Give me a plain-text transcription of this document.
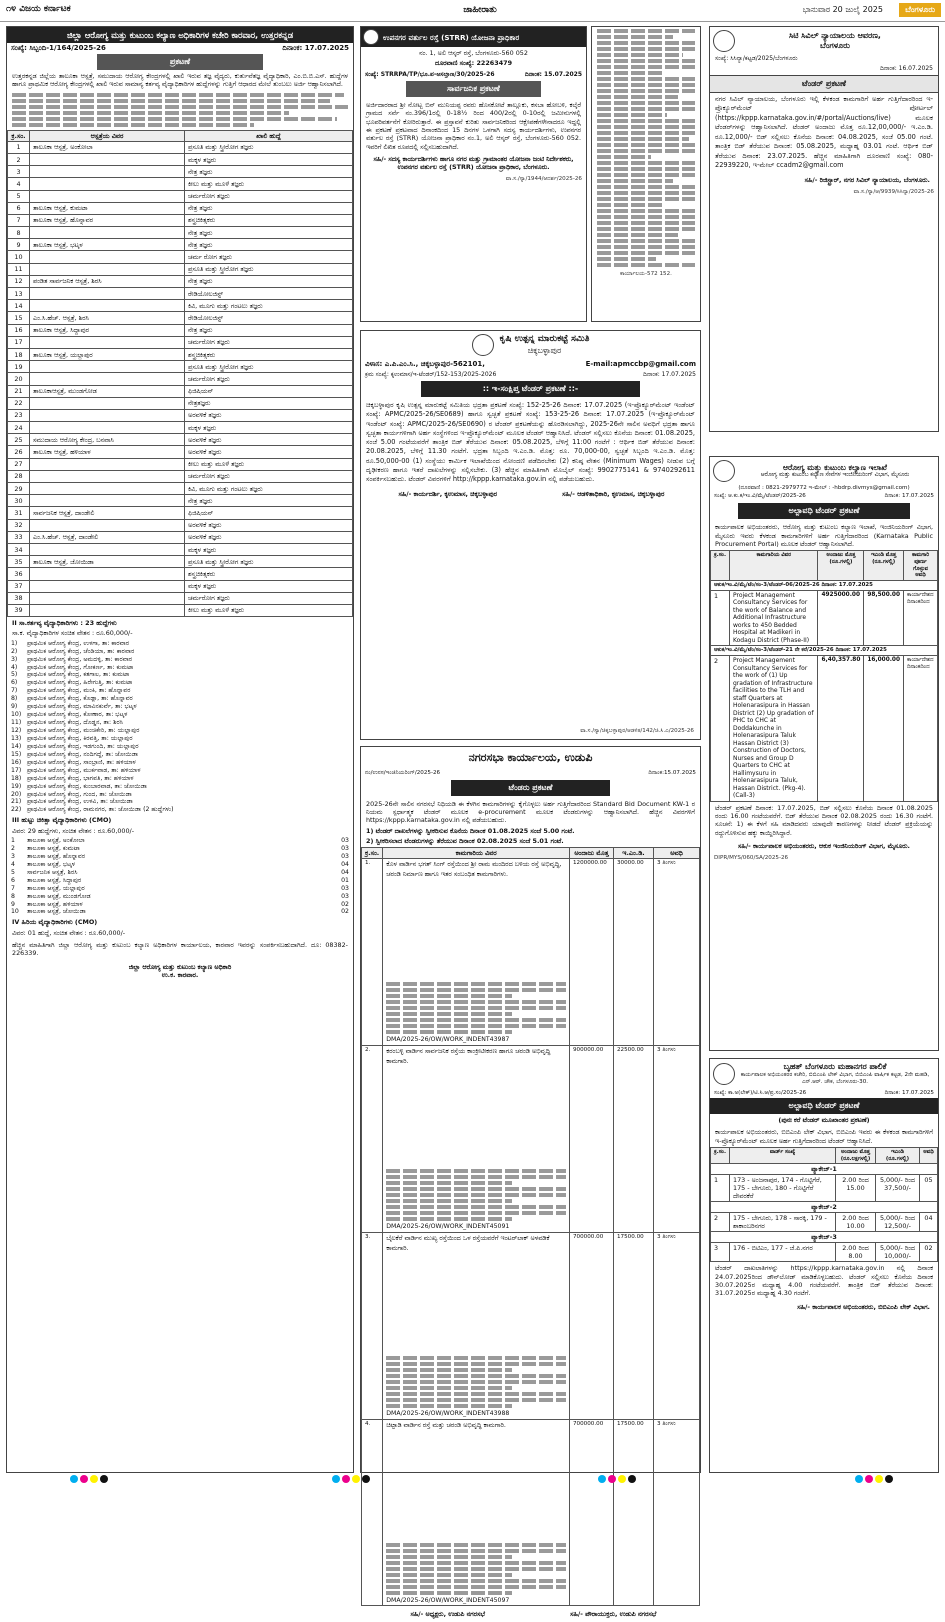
೧೪ ವಿಜಯ ಕರ್ನಾಟಕ	ಜಾಹೀರಾತು	ಭಾನುವಾರ 20 ಜುಲೈ 2025	ಬೆಂಗಳೂರು
ಜಿಲ್ಲಾ ಆರೋಗ್ಯ ಮತ್ತು ಕುಟುಂಬ ಕಲ್ಯಾಣ ಅಧಿಕಾರಿಗಳ ಕಚೇರಿ ಕಾರವಾರ, ಉತ್ತರಕನ್ನಡ
ಸಂಖ್ಯೆ: ಸಿಬ್ಬಂದಿ-1/164/2025-26	ದಿನಾಂಕ: 17.07.2025
ಪ್ರಕಟಣೆ
ಉತ್ತರಕನ್ನಡ ಜಿಲ್ಲೆಯ ತಾಲೂಕಾ ಆಸ್ಪತ್ರೆ, ಸಮುದಾಯ ಆರೋಗ್ಯ ಕೇಂದ್ರಗಳಲ್ಲಿ ಖಾಲಿ ಇರುವ ತಜ್ಞ ವೈದ್ಯರು, ಕುರ್ತುವೆತಜ್ಞ ವೈದ್ಯಾಧಿಕಾರಿ, ಎಂ.ಬಿ.ಬಿ.ಎಸ್. ಹುದ್ದೆಗಳ ಹಾಗೂ ಪ್ರಾಥಮಿಕ ಆರೋಗ್ಯ ಕೇಂದ್ರಗಳಲ್ಲಿ ಖಾಲಿ ಇರುವ ಸಾಮಾನ್ಯ ಕರ್ತವ್ಯ ವೈದ್ಯಾಧಿಕಾರಿಗಳ ಹುದ್ದೆಗಳನ್ನು ಗುತ್ತಿಗೆ ಆಧಾರದ ಮೇಲೆ ತುಂಬಲು ಅರ್ಜಿ ಆಹ್ವಾನಿಸಲಾಗಿದೆ.
ಕ್ರ.ಸಂ.	ಆಸ್ಪತ್ರೆಯ ವಿವರ	ಖಾಲಿ ಹುದ್ದೆ
1	ತಾಲೂಕಾ ಆಸ್ಪತ್ರೆ, ಅಂಕೋಲಾ	ಪ್ರಸೂತಿ ಮತ್ತು ಸ್ತ್ರೀರೋಗ ತಜ್ಞರು
2		ಮಕ್ಕಳ ತಜ್ಞರು
3		ನೇತ್ರ ತಜ್ಞರು
4		ಕೀಲು ಮತ್ತು ಮೂಳೆ ತಜ್ಞರು
5		ಚರ್ಮರೋಗ ತಜ್ಞರು
6	ತಾಲೂಕಾ ಆಸ್ಪತ್ರೆ, ಕುಮಟಾ	ನೇತ್ರ ತಜ್ಞರು
7	ತಾಲೂಕಾ ಆಸ್ಪತ್ರೆ, ಹೊನ್ನಾವರ	ಶಸ್ತ್ರಚಿಕಿತ್ಸಕರು
8		ನೇತ್ರ ತಜ್ಞರು
9	ತಾಲೂಕಾ ಆಸ್ಪತ್ರೆ, ಭಟ್ಕಳ	ನೇತ್ರ ತಜ್ಞರು
10		ಚರ್ಮ ರೋಗ ತಜ್ಞರು
11		ಪ್ರಸೂತಿ ಮತ್ತು ಸ್ತ್ರೀರೋಗ ತಜ್ಞರು
12	ಪಂಡಿತ ಸಾರ್ವಜನಿಕ ಆಸ್ಪತ್ರೆ, ಶಿರಸಿ	ನೇತ್ರ ತಜ್ಞರು
13		ರೇಡಿಯೋಲಜಿಸ್ಟ್
14		ಕಿವಿ, ಮೂಗು ಮತ್ತು ಗಂಟಲು ತಜ್ಞರು
15	ಎಂ.ಸಿ.ಹೆಚ್. ಆಸ್ಪತ್ರೆ, ಶಿರಸಿ	ರೇಡಿಯೋಲಜಿಸ್ಟ್
16	ತಾಲೂಕಾ ಆಸ್ಪತ್ರೆ, ಸಿದ್ದಾಪುರ	ನೇತ್ರ ತಜ್ಞರು
17		ಚರ್ಮರೋಗ ತಜ್ಞರು
18	ತಾಲೂಕಾ ಆಸ್ಪತ್ರೆ, ಯಲ್ಲಾಪುರ	ಶಸ್ತ್ರಚಿಕಿತ್ಸಕರು
19		ಪ್ರಸೂತಿ ಮತ್ತು ಸ್ತ್ರೀರೋಗ ತಜ್ಞರು
20		ಚರ್ಮರೋಗ ತಜ್ಞರು
21	ತಾಲೂಕಾಆಸ್ಪತ್ರೆ, ಮುಂಡಗೋಡ	ಫಿಜಿಷಿಯನ್
22		ನೇತ್ರತಜ್ಞರು
23		ಅರವಳಿಕೆ ತಜ್ಞರು
24		ಮಕ್ಕಳ ತಜ್ಞರು
25	ಸಮುದಾಯ ಆರೋಗ್ಯ ಕೇಂದ್ರ, ಬನವಾಸಿ	ಅರವಳಿಕೆ ತಜ್ಞರು
26	ತಾಲೂಕಾ ಆಸ್ಪತ್ರೆ, ಹಳಿಯಾಳ	ಅರವಳಿಕೆ ತಜ್ಞರು
27		ಕೀಲು ಮತ್ತು ಮೂಳೆ ತಜ್ಞರು
28		ಚರ್ಮರೋಗ ತಜ್ಞರು
29		ಕಿವಿ, ಮೂಗು ಮತ್ತು ಗಂಟಲು ತಜ್ಞರು
30		ನೇತ್ರ ತಜ್ಞರು
31	ಸಾರ್ವಜನಿಕ ಆಸ್ಪತ್ರೆ, ದಾಂಡೇಲಿ	ಫಿಜಿಷಿಯನ್
32		ಅರವಳಿಕೆ ತಜ್ಞರು
33	ಎಂ.ಸಿ.ಹೆಚ್. ಆಸ್ಪತ್ರೆ, ದಾಂಡೇಲಿ	ಅರವಳಿಕೆ ತಜ್ಞರು
34		ಮಕ್ಕಳ ತಜ್ಞರು
35	ತಾಲೂಕಾ ಆಸ್ಪತ್ರೆ, ಜೋಯಿಡಾ	ಪ್ರಸೂತಿ ಮತ್ತು ಸ್ತ್ರೀರೋಗ ತಜ್ಞರು
36		ಶಸ್ತ್ರಚಿಕಿತ್ಸಕರು
37		ಮಕ್ಕಳ ತಜ್ಞರು
38		ಚರ್ಮರೋಗ ತಜ್ಞರು
39		ಕೀಲು ಮತ್ತು ಮೂಳೆ ತಜ್ಞರು
II ಸಾ.ಕರ್ತವ್ಯ ವೈದ್ಯಾಧಿಕಾರಿಗಳು : 23 ಹುದ್ದೆಗಳು
ಸಾ.ಕ. ವೈದ್ಯಾಧಿಕಾರಿಗಳ ಸಂಚಿತ ವೇತನ : ರೂ.60,000/-
1)	ಪ್ರಾಥಮಿಕ ಆರೋಗ್ಯ ಕೇಂದ್ರ, ಉಳಗಾ, ತಾ: ಕಾರವಾರ
2)	ಪ್ರಾಥಮಿಕ ಆರೋಗ್ಯ ಕೇಂದ್ರ, ಚೆಂಡಿಯಾ, ತಾ: ಕಾರವಾರ
3)	ಪ್ರಾಥಮಿಕ ಆರೋಗ್ಯ ಕೇಂದ್ರ, ಅಮದಳ್ಳಿ, ತಾ: ಕಾರವಾರ
4)	ಪ್ರಾಥಮಿಕ ಆರೋಗ್ಯ ಕೇಂದ್ರ, ಗೋಕರ್ಣ, ತಾ: ಕುಮಟಾ
5)	ಪ್ರಾಥಮಿಕ ಆರೋಗ್ಯ ಕೇಂದ್ರ, ಕತಗಾಲ, ತಾ: ಕುಮಟಾ
6)	ಪ್ರಾಥಮಿಕ ಆರೋಗ್ಯ ಕೇಂದ್ರ, ಹಿರೇಗುತ್ತಿ, ತಾ: ಕುಮಟಾ
7)	ಪ್ರಾಥಮಿಕ ಆರೋಗ್ಯ ಕೇಂದ್ರ, ಮಂಕಿ, ತಾ: ಹೊನ್ನಾವರ
8)	ಪ್ರಾಥಮಿಕ ಆರೋಗ್ಯ ಕೇಂದ್ರ, ಕೊಡ್ಲಾ, ತಾ: ಹೊನ್ನಾವರ
9)	ಪ್ರಾಥಮಿಕ ಆರೋಗ್ಯ ಕೇಂದ್ರ, ಮಾವಿನಕುರ್ವೆ, ತಾ: ಭಟ್ಕಳ
10) ಪ್ರಾಥಮಿಕ ಆರೋಗ್ಯ ಕೇಂದ್ರ, ಕೋಣಾರ, ತಾ: ಭಟ್ಕಳ
11) ಪ್ರಾಥಮಿಕ ಆರೋಗ್ಯ ಕೇಂದ್ರ, ದೊಡ್ಡನ, ತಾ: ಶಿರಸಿ
12) ಪ್ರಾಥಮಿಕ ಆರೋಗ್ಯ ಕೇಂದ್ರ, ಮಂಚಿಕೇರಿ, ತಾ: ಯಲ್ಲಾಪುರ
13) ಪ್ರಾಥಮಿಕ ಆರೋಗ್ಯ ಕೇಂದ್ರ, ಕಿರವತ್ತಿ, ತಾ: ಯಲ್ಲಾಪುರ
14) ಪ್ರಾಥಮಿಕ ಆರೋಗ್ಯ ಕೇಂದ್ರ, ಇಡಗುಂದಿ, ತಾ: ಯಲ್ಲಾಪುರ
15) ಪ್ರಾಥಮಿಕ ಆರೋಗ್ಯ ಕೇಂದ್ರ, ನಂದಿಗದ್ದೆ, ತಾ: ಜೋಯಿಡಾ
16) ಪ್ರಾಥಮಿಕ ಆರೋಗ್ಯ ಕೇಂದ್ರ, ಸಾಂಬ್ರಾಣಿ, ತಾ: ಹಳಿಯಾಳ
17) ಪ್ರಾಥಮಿಕ ಆರೋಗ್ಯ ಕೇಂದ್ರ, ಮುರ್ಕವಾಡ, ತಾ: ಹಳಿಯಾಳ
18) ಪ್ರಾಥಮಿಕ ಆರೋಗ್ಯ ಕೇಂದ್ರ, ಭಾಗವತಿ, ತಾ: ಹಳಿಯಾಳ
19) ಪ್ರಾಥಮಿಕ ಆರೋಗ್ಯ ಕೇಂದ್ರ, ಕುಂಬಾರವಾಡ, ತಾ: ಜೋಯಿಡಾ
20) ಪ್ರಾಥಮಿಕ ಆರೋಗ್ಯ ಕೇಂದ್ರ, ಗುಂದ, ತಾ: ಜೋಯಿಡಾ
21) ಪ್ರಾಥಮಿಕ ಆರೋಗ್ಯ ಕೇಂದ್ರ, ಉಳವಿ, ತಾ: ಜೋಯಿಡಾ
22) ಪ್ರಾಥಮಿಕ ಆರೋಗ್ಯ ಕೇಂದ್ರ, ರಾಮನಗರ, ತಾ: ಜೋಯಿಡಾ (2 ಹುದ್ದೆಗಳು)
III ಹುಟ್ಟು ಚಿಕಿತ್ಸಾ ವೈದ್ಯಾಧಿಕಾರಿಗಳು (CMO)
ವಿವರ: 29 ಹುದ್ದೆಗಳು, ಸಂಚಿತ ವೇತನ : ರೂ.60,000/-
1	ತಾಲೂಕಾ ಆಸ್ಪತ್ರೆ, ಅಂಕೋಲಾ	03
2	ತಾಲೂಕಾ ಆಸ್ಪತ್ರೆ, ಕುಮಟಾ	03
3	ತಾಲೂಕಾ ಆಸ್ಪತ್ರೆ, ಹೊನ್ನಾವರ	03
4	ತಾಲೂಕಾ ಆಸ್ಪತ್ರೆ, ಭಟ್ಕಳ	04
5	ಸಾರ್ವಜನಿಕ ಆಸ್ಪತ್ರೆ, ಶಿರಸಿ	04
6	ತಾಲೂಕಾ ಆಸ್ಪತ್ರೆ, ಸಿದ್ದಾಪುರ	01
7	ತಾಲೂಕಾ ಆಸ್ಪತ್ರೆ, ಯಲ್ಲಾಪುರ	03
8	ತಾಲೂಕಾ ಆಸ್ಪತ್ರೆ, ಮುಂಡಗೋಡ	03
9	ತಾಲೂಕಾ ಆಸ್ಪತ್ರೆ, ಹಳಿಯಾಳ	02
10	ತಾಲೂಕಾ ಆಸ್ಪತ್ರೆ, ಜೋಯಿಡಾ	02
IV ಹಿರಿಯ ವೈದ್ಯಾಧಿಕಾರಿಗಳು (CMO)
ವಿವರ: 01 ಹುದ್ದೆ, ಸಂಚಿತ ವೇತನ : ರೂ.60,000/-
ಹೆಚ್ಚಿನ ಮಾಹಿತಿಗಾಗಿ ಜಿಲ್ಲಾ ಆರೋಗ್ಯ ಮತ್ತು ಕುಟುಂಬ ಕಲ್ಯಾಣ ಅಧಿಕಾರಿಗಳ ಕಾರ್ಯಾಲಯ, ಕಾರವಾರ ಇವರನ್ನು ಸಂಪರ್ಕಿಸಬಹುದಾಗಿದೆ. ದೂ: 08382-226339.
ಜಿಲ್ಲಾ ಆರೋಗ್ಯ ಮತ್ತು ಕುಟುಂಬ ಕಲ್ಯಾಣ ಅಧಿಕಾರಿ
ಉ.ಕ. ಕಾರವಾರ.
ಉಪನಗರ ವರ್ತುಲ ರಸ್ತೆ (STRR) ಯೋಜನಾ ಪ್ರಾಧಿಕಾರ
ನಂ. 1, ಅಲಿ ಆಸ್ಕರ್ ರಸ್ತೆ, ಬೆಂಗಳೂರು-560 052
ದೂರವಾಣಿ ಸಂಖ್ಯೆ: 22263479
ಸಂಖ್ಯೆ: STRRPA/TP/ಭೂ.ಪ-ಅಸಲ್ತಾಣ/30/2025-26	ದಿನಾಂಕ: 15.07.2025
ಸಾರ್ವಜನಿಕ ಪ್ರಕಟಣೆ
ಅರ್ಜಿದಾರರಾದ ಶ್ರೀ ನೋಟ್ಬ ಬಿನ್ ಮುನಿಯಪ್ಪ ರವರು ಹೊಸಕೋಟೆ ತಾಲ್ಲೂಕು, ಕಸಬಾ ಹೋಬಳಿ, ಕಲ್ಕೆರೆ ಗ್ರಾಮದ ಸರ್ವೆ ನಂ.396/1ರಲ್ಲಿ 0-18½ ರಿಂದ 400/2ರಲ್ಲಿ 0-10ರಲ್ಲಿ ಜಮೀನುಗಳಲ್ಲಿ ಭೂಪರಿವರ್ತನೆಗೆ ಕೋರಿರುತ್ತಾರೆ. ಈ ಪ್ರಸ್ತಾವನೆ ಕುರಿತು ಸಾರ್ವಜನಿಕರಿಂದ ಆಕ್ಷೇಪಣೆಗಳೇನಾದರೂ ಇದ್ದಲ್ಲಿ ಈ ಪ್ರಕಟಣೆ ಪ್ರಕಟವಾದ ದಿನಾಂಕದಿಂದ 15 ದಿನಗಳ ಒಳಗಾಗಿ ಸದಸ್ಯ ಕಾರ್ಯದರ್ಶಿಗಳು, ಉಪನಗರ ವರ್ತುಲ ರಸ್ತೆ (STRR) ಯೋಜನಾ ಪ್ರಾಧಿಕಾರ ನಂ.1, ಅಲಿ ಆಸ್ಕರ್ ರಸ್ತೆ, ಬೆಂಗಳೂರು-560 052. ಇವರಿಗೆ ಲಿಖಿತ ರೂಪದಲ್ಲಿ ಸಲ್ಲಿಸಬಹುದಾಗಿದೆ.
ಸಹಿ/- ಸದಸ್ಯ ಕಾರ್ಯದರ್ಶಿಗಳು ಹಾಗೂ ನಗರ ಮತ್ತು ಗ್ರಾಮಾಂತರ ಯೋಜನಾ ಜಂಟಿ ನಿರ್ದೇಶಕರು, ಉಪನಗರ ವರ್ತುಲ ರಸ್ತೆ (STRR) ಯೋಜನಾ ಪ್ರಾಧಿಕಾರ, ಬೆಂಗಳೂರು.
ವಾ.ಸ./ಸ್ಯಾ/1944/ಆದರ್ಶ/2025-26
ಕಾರ್ಯಾಲಯ-572 152.
ಕೃಷಿ ಉತ್ಪನ್ನ ಮಾರುಕಟ್ಟೆ ಸಮಿತಿ
ಚಿಕ್ಕಬಳ್ಳಾಪುರ
ವಿಳಾಸ: ಎ.ಪಿ.ಎಂ.ಸಿ., ಚಿಕ್ಕಬಳ್ಳಾಪುರ-562101,	E-mail:apmccbp@gmail.com
ಕ್ರಮ ಸಂಖ್ಯೆ: ಕೃಉಮಾಸ/ಇ-ಟೆಂಡರ್/152-153/2025-2026	ದಿನಾಂಕ: 17.07.2025
:: ಇ-ಸಂಕ್ಷಿಪ್ತ ಟೆಂಡರ್ ಪ್ರಕಟಣೆ ::-
ಚಿಕ್ಕಬಳ್ಳಾಪುರ ಕೃಷಿ ಉತ್ಪನ್ನ ಮಾರುಕಟ್ಟೆ ಸಮಿತಿಯ ಭದ್ರತಾ ಪ್ರಕಟಣೆ ಸಂಖ್ಯೆ: 152-25-26 ದಿನಾಂಕ: 17.07.2025 (ಇ-ಪ್ರೊಕ್ಯೂರ್‌ಮೆಂಟ್ ಇಂಡೆಂಟ್ ಸಂಖ್ಯೆ: APMC/2025-26/SE0689) ಹಾಗೂ ಸ್ವಚ್ಛತೆ ಪ್ರಕಟಣೆ ಸಂಖ್ಯೆ: 153-25-26 ದಿನಾಂಕ: 17.07.2025 (ಇ-ಪ್ರೊಕ್ಯೂರ್‌ಮೆಂಟ್ ಇಂಡೆಂಟ್ ಸಂಖ್ಯೆ: APMC/2025-26/SE0690) ರ ಟೆಂಡರ್ ಪ್ರಕಟಣೆಯನ್ನು ಹೊರಡಿಸಲಾಗಿದ್ದು, 2025-26ನೇ ಸಾಲಿನ ಅವಧಿಗೆ ಭದ್ರತಾ ಹಾಗೂ ಸ್ವಚ್ಛತಾ ಕಾರ್ಯಗಳಿಗಾಗಿ ಅರ್ಹ ಸಂಸ್ಥೆಗಳಿಂದ ಇ-ಪ್ರೊಕ್ಯೂರ್‌ಮೆಂಟ್ ಮೂಲಕ ಟೆಂಡರ್ ಆಹ್ವಾನಿಸಿದೆ. ಟೆಂಡರ್ ಸಲ್ಲಿಸಲು ಕೊನೆಯ ದಿನಾಂಕ: 01.08.2025, ಸಂಜೆ 5.00 ಗಂಟೆಯವರೆಗೆ ತಾಂತ್ರಿಕ ಬಿಡ್ ತೆರೆಯುವ ದಿನಾಂಕ: 05.08.2025, ಬೆಳಿಗ್ಗೆ 11:00 ಗಂಟೆಗೆ : ಆರ್ಥಿಕ ಬಿಡ್ ತೆರೆಯುವ ದಿನಾಂಕ: 20.08.2025, ಬೆಳಿಗ್ಗೆ 11.30 ಗಂಟೆಗೆ. ಭದ್ರತಾ ಸಿಬ್ಬಂದಿ ಇ.ಎಂ.ಡಿ. ಮೊತ್ತ: ರೂ. 70,000-00, ಸ್ವಚ್ಛತೆ ಸಿಬ್ಬಂದಿ ಇ.ಎಂ.ಡಿ. ಮೊತ್ತ: ರೂ.50,000-00 (1) ಸಂಸ್ಥೆಯು ಕಾರ್ಮಿಕ ಇಲಾಖೆಯಿಂದ ನೋಂದಣಿ ಪಡೆದಿರಬೇಕು (2) ಕನಿಷ್ಠ ವೇತನ (Minimum Wages) ನೀಡುವ ಬಗ್ಗೆ ದೃಢೀಕರಣ ಹಾಗೂ ಇತರೆ ದಾಖಲೆಗಳನ್ನು ಸಲ್ಲಿಸಬೇಕು. (3) ಹೆಚ್ಚಿನ ಮಾಹಿತಿಗಾಗಿ ಮೊಬೈಲ್ ಸಂಖ್ಯೆ: 9902775141 & 9740292611 ಸಂಪರ್ಕಿಸಬಹುದು. ಟೆಂಡರ್ ವಿವರಗಳಿಗೆ http://kppp.karnataka.gov.in ನಲ್ಲಿ ಪಡೆಯಬಹುದು.
ಸಹಿ/- ಕಾರ್ಯದರ್ಶಿ, ಕೃಉಮಾಸ, ಚಿಕ್ಕಬಳ್ಳಾಪುರ	ಸಹಿ/- ಆಡಳಿತಾಧಿಕಾರಿ, ಕೃಉಮಾಸ, ಚಿಕ್ಕಬಳ್ಳಾಪುರ
ವಾ.ಸ./ಸ್ಯಾ/ಚಿಕ್ಕಬಳ್ಳಾಪುರ/ಆಡಳಿತ/142/ಚಿ.ಸಿ.ಎ/2025-26
ನಗರಸಭಾ ಕಾರ್ಯಾಲಯ, ಉಡುಪಿ
ನಂ/ಉನಸ/ಇಂಜಿನಿಯರಿಂಗ್/2025-26	ದಿನಾಂಕ:15.07.2025
ಟೆಂಡರು ಪ್ರಕಟಣೆ
2025-26ನೇ ಸಾಲಿನ ನಗರಸಭೆ ನಿಧಿಯಡಿ ಈ ಕೆಳಗಿನ ಕಾಮಗಾರಿಗಳನ್ನು ಕೈಗೊಳ್ಳಲು ಅರ್ಹ ಗುತ್ತಿಗೆದಾರರಿಂದ Standard Bid Document KW-1 ರ ನಿಯಮ ಸ್ಪರ್ಧಾತ್ಮಕ ಟೆಂಡರ್ ಮೂಲಕ e-procurement ಮೂಲಕ ಟೆಂಡರುಗಳನ್ನು ಆಹ್ವಾನಿಸಲಾಗಿದೆ. ಹೆಚ್ಚಿನ ವಿವರಗಳಿಗೆ https://kppp.karnataka.gov.in ನಲ್ಲಿ ಪಡೆಯಬಹುದು.
1) ಟೆಂಡರ್ ದಾಖಲೆಗಳನ್ನು ಸ್ವೀಕರಿಸುವ ಕೊನೆಯ ದಿನಾಂಕ 01.08.2025 ಸಂಜೆ 5.00 ಗಂಟೆ.
2) ಸ್ವೀಕರಿಸಲಾದ ಟೆಂಡರುಗಳನ್ನು ತೆರೆಯುವ ದಿನಾಂಕ 02.08.2025 ಸಂಜೆ 5.01 ಗಂಟೆ.
ಕ್ರ.ಸಂ.	ಕಾಮಗಾರಿಯ ವಿವರ	ಅಂದಾಜು ಮೊತ್ತ	ಇ.ಎಂ.ಡಿ.	ಅವಧಿ
1.	ಕೊಳ ವಾರ್ಡಿನ ಭಗತ್ ಸಿಂಗ್ ರಸ್ತೆಯಿಂದ ಶ್ರೀ ರಾಮ ಮಂದಿರದ ಬಳಿಯ ರಸ್ತೆ ಅಭಿವೃದ್ಧಿ, ಚರಂಡಿ ನಿರ್ಮಾಣ ಹಾಗೂ ಇತರ ಸಂಬಂಧಿತ ಕಾಮಗಾರಿಗಳು.
DMA/2025-26/OW/WORK_INDENT43987	1200000.00	30000.00	3 ತಿಂಗಳು
2.	ಕರಂಬಳ್ಳಿ ವಾರ್ಡಿನ ಸಾರ್ವಜನಿಕ ರಸ್ತೆಯ ಕಾಂಕ್ರೀಟೀಕರಣ ಹಾಗೂ ಚರಂಡಿ ಅಭಿವೃದ್ಧಿ ಕಾಮಗಾರಿ.
DMA/2025-26/OW/WORK_INDENT45091	900000.00	22500.00	3 ತಿಂಗಳು
3.	ಬೈಲಕೆರೆ ವಾರ್ಡಿನ ಮುಖ್ಯ ರಸ್ತೆಯಿಂದ ಒಳ ರಸ್ತೆಯವರೆಗೆ ಇಂಟರ್‌ಲಾಕ್ ಅಳವಡಿಕೆ ಕಾಮಗಾರಿ.
DMA/2025-26/OW/WORK_INDENT43988	700000.00	17500.00	3 ತಿಂಗಳು
4.	ಚಿಟ್ಪಾಡಿ ವಾರ್ಡಿನ ರಸ್ತೆ ಮತ್ತು ಚರಂಡಿ ಅಭಿವೃದ್ಧಿ ಕಾಮಗಾರಿ.
DMA/2025-26/OW/WORK_INDENT45097	700000.00	17500.00	3 ತಿಂಗಳು
ಸಹಿ/- ಅಧ್ಯಕ್ಷರು, ಉಡುಪಿ ನಗರಸಭೆ	ಸಹಿ/- ಪೌರಾಯುಕ್ತರು, ಉಡುಪಿ ನಗರಸಭೆ
ಸಿಟಿ ಸಿವಿಲ್ ನ್ಯಾಯಾಲಯ ಆವರಣ,
ಬೆಂಗಳೂರು
ಸಂಖ್ಯೆ: ಸಿಸಿನ್ಯಾ/ಕಟ್ಟಡ/2025/ಬೆಂಗಳೂರು
ದಿನಾಂಕ: 16.07.2025
ಟೆಂಡರ್ ಪ್ರಕಟಣೆ
ನಗರ ಸಿವಿಲ್ ನ್ಯಾಯಾಲಯ, ಬೆಂಗಳೂರು ಇಲ್ಲಿ ಕೆಳಕಂಡ ಕಾಮಗಾರಿಗೆ ಅರ್ಹ ಗುತ್ತಿಗೆದಾರರಿಂದ ಇ-ಪ್ರೊಕ್ಯೂರ್‌ಮೆಂಟ್ ಪೋರ್ಟಲ್ (https://kppp.karnataka.gov.in/#/portal/Auctions/live) ಮೂಲಕ ಟೆಂಡರ್‌ಗಳನ್ನು ಆಹ್ವಾನಿಸಲಾಗಿದೆ. ಟೆಂಡರ್ ಅಂದಾಜು ಮೊತ್ತ ರೂ.12,00,000/- ಇ.ಎಂ.ಡಿ. ರೂ.12,000/- ಬಿಡ್ ಸಲ್ಲಿಸಲು ಕೊನೆಯ ದಿನಾಂಕ: 04.08.2025, ಸಂಜೆ 05.00 ಗಂಟೆ. ತಾಂತ್ರಿಕ ಬಿಡ್ ತೆರೆಯುವ ದಿನಾಂಕ: 05.08.2025, ಮಧ್ಯಾಹ್ನ 03.01 ಗಂಟೆ. ಆರ್ಥಿಕ ಬಿಡ್ ತೆರೆಯುವ ದಿನಾಂಕ: 23.07.2025. ಹೆಚ್ಚಿನ ಮಾಹಿತಿಗಾಗಿ ದೂರವಾಣಿ ಸಂಖ್ಯೆ: 080-22939220, ಇ-ಮೇಲ್ ccadm2@gmail.com
ಸಹಿ/- ರಿಜಿಸ್ಟ್ರಾರ್, ನಗರ ಸಿವಿಲ್ ನ್ಯಾಯಾಲಯ, ಬೆಂಗಳೂರು.
ವಾ.ಸ./ಸ್ಯಾ/ಆ/9939/ಸಿಸಿನ್ಯಾ/2025-26
ಆರೋಗ್ಯ ಮತ್ತು ಕುಟುಂಬ ಕಲ್ಯಾಣ ಇಲಾಖೆ
ಆರೋಗ್ಯ ಮತ್ತು ಕುಟುಂಬ ಕಲ್ಯಾಣ ಸೇವೆಗಳ ಇಂಜಿನಿಯರಿಂಗ್ ವಿಭಾಗ, ಮೈಸೂರು
(ದೂರವಾಣಿ : 0821-2979772 ಇ-ಮೇಲ್ : -hbdrp.divmys@gmail.com)
ಸಂಖ್ಯೆ: ಆ.ಕು.ಕ/ಇಂ.ವಿ/ಮೈ/ಟೆಂಡರ್/2025-26	ದಿನಾಂಕ: 17.07.2025
ಅಲ್ಪಾವಧಿ ಟೆಂಡರ್ ಪ್ರಕಟಣೆ
ಕಾರ್ಯಪಾಲಕ ಅಭಿಯಂತರರು, ಆರೋಗ್ಯ ಮತ್ತು ಕುಟುಂಬ ಕಲ್ಯಾಣ ಇಲಾಖೆ, ಇಂಜಿನಿಯರಿಂಗ್ ವಿಭಾಗ, ಮೈಸೂರು ಇವರು ಕೆಳಕಂಡ ಕಾಮಗಾರಿಗಳಿಗೆ ಅರ್ಹ ಗುತ್ತಿಗೆದಾರರಿಂದ (Karnataka Public Procurement Portal) ಮೂಲಕ ಟೆಂಡರ್ ಆಹ್ವಾನಿಸಲಾಗಿದೆ.
ಕ್ರ.ಸಂ.	ಕಾಮಗಾರಿಯ ವಿವರ	ಅಂದಾಜು ಮೊತ್ತ (ರೂ.ಗಳಲ್ಲಿ)	ಇಎಂಡಿ ಮೊತ್ತ (ರೂ.ಗಳಲ್ಲಿ)	ಕಾಮಗಾರಿ ಪೂರ್ಣ ಗೊಳ್ಳುವ ಅವಧಿ
ಆಕುಕ/ಇಂ.ವಿ/ಮೈ/ಟೆಂ/ಸಂ-3/ಟೆಂಡರ್-06/2025-26 ದಿನಾಂಕ: 17.07.2025				
1	Project Management Consultancy Services for the work of Balance and Additional Infrastructure works to 450 Bedded Hospital at Madikeri in Kodagu District (Phase-II)	4925000.00	98,500.00	ಕಾರ್ಯಾದೇಶದ ದಿನಾಂಕದಿಂದ
ಆಕುಕ/ಇಂ.ವಿ/ಮೈ/ಟೆಂ/ಸಂ-3/ಟೆಂಡರ್-21 ನೇ ಕರೆ/2025-26 ದಿನಾಂಕ: 17.07.2025				
2	Project Management Consultancy Services for the work of (1) Up gradation of Infrastructure facilities to the TLH and staff Quarters at Holenarasipura in Hassan District (2) Up gradation of PHC to CHC at Doddakunche in Holenarasipura Taluk Hassan District (3) Construction of Doctors, Nurses and Group D Quarters to CHC at Hallimysuru in Holenarasipura Taluk, Hassan District. (Pkg-4).(Call-3)	6,40,357.80	16,000.00	ಕಾರ್ಯಾದೇಶದ ದಿನಾಂಕದಿಂದ
ಟೆಂಡರ್ ಪ್ರಕಟಣೆ ದಿನಾಂಕ: 17.07.2025, ಬಿಡ್ ಸಲ್ಲಿಸಲು ಕೊನೆಯ ದಿನಾಂಕ 01.08.2025 ರಂದು 16.00 ಗಂಟೆಯವರೆಗೆ. ಬಿಡ್ ತೆರೆಯುವ ದಿನಾಂಕ 02.08.2025 ರಂದು 16.30 ಗಂಟೆಗೆ. ಸೂಚನೆ: 1) ಈ ಕೆಳಗೆ ಸಹಿ ಮಾಡಿದವರು ಯಾವುದೇ ಕಾರಣಗಳನ್ನು ನೀಡದೆ ಟೆಂಡರ್ ಪ್ರಕ್ರಿಯೆಯನ್ನು ರದ್ದುಗೊಳಿಸುವ ಹಕ್ಕು ಕಾಯ್ದಿರಿಸಿದ್ದಾರೆ.
ಸಹಿ/- ಕಾರ್ಯಪಾಲಕ ಅಭಿಯಂತರರು, ಆಕುಕ ಇಂಜಿನಿಯರಿಂಗ್ ವಿಭಾಗ, ಮೈಸೂರು.
DIPR/MYS/060/SA/2025-26
ಬೃಹತ್ ಬೆಂಗಳೂರು ಮಹಾನಗರ ಪಾಲಿಕೆ
ಕಾರ್ಯಪಾಲಕ ಅಭಿಯಂತರರ ಕಚೇರಿ, ಬಿಬಿಎಂಪಿ ಲೇಕ್ ವಿಭಾಗ, ಬಿಬಿಎಂಪಿ ವಾರ್ಷಿಕ ಕಟ್ಟಡ, 2ನೇ ಮಹಡಿ, ಎನ್.ಆರ್. ಚೌಕ, ಬೆಂಗಳೂರು-30.
ಸಂಖ್ಯೆ: ಕಾ.ಅ(ಲೇಕ್)/ಟಿ.ಸಿ.ಆ/ಪ್ರ.ಸಂ/2025-26	ದಿನಾಂಕ: 17.07.2025
ಅಲ್ಪಾವಧಿ ಟೆಂಡರ್ ಪ್ರಕಟಣೆ
(ಪುನಃ ಕರೆ ಟೆಂಡರ್ ಮೂಖಾಂತರ ಪ್ರಕಟಣೆ)
ಕಾರ್ಯಪಾಲಕ ಅಭಿಯಂತರರು, ಬಿಬಿಎಂಪಿ ಲೇಕ್ ವಿಭಾಗ, ಬಿಬಿಎಂಪಿ ಇವರು ಈ ಕೆಳಕಂಡ ಕಾಮಗಾರಿಗಳಿಗೆ ಇ-ಪ್ರೊಕ್ಯೂರ್‌ಮೆಂಟ್ ಮೂಲಕ ಅರ್ಹ ಗುತ್ತಿಗೆದಾರರಿಂದ ಟೆಂಡರ್ ಆಹ್ವಾನಿಸಿದೆ.
ಕ್ರ.ಸಂ.	ವಾರ್ಡ್ ಸಂಖ್ಯೆ	ಅಂದಾಜು ಮೊತ್ತ (ರೂ.ಲಕ್ಷಗಳಲ್ಲಿ)	ಇಎಂಡಿ (ರೂ.ಗಳಲ್ಲಿ)	ಅವಧಿ
ಪ್ಯಾಕೇಜ್-1				
1	173 - ಅಂಜನಾಪುರ, 174 - ಗೊಟ್ಟಿಗೆರೆ, 175 - ಬೇಗೂರು, 180 - ಗೊಟ್ಟಿಗೆರೆ ದೇವರಕೆರೆ	2.00 ರಿಂದ 15.00	5,000/- ರಿಂದ 37,500/-	05
ಪ್ಯಾಕೇಜ್-2				
2	175 - ಬೇಗೂರು, 178 - ಸಾರಕ್ಕಿ, 179 - ಶಾಕಾಂಬರಿನಗರ	2.00 ರಿಂದ 10.00	5,000/- ರಿಂದ 12,500/-	04
ಪ್ಯಾಕೇಜ್-3				
3	176 - ಬಿಟಿಎಂ, 177 - ಜೆ.ಪಿ.ನಗರ	2.00 ರಿಂದ 8.00	5,000/- ರಿಂದ 10,000/-	02
ಟೆಂಡರ್ ದಾಖಲಾತಿಗಳನ್ನು https://kppp.karnataka.gov.in ನಲ್ಲಿ ದಿನಾಂಕ 24.07.2025ರಿಂದ ಡೌನ್‌ಲೋಡ್ ಮಾಡಿಕೊಳ್ಳಬಹುದು. ಟೆಂಡರ್ ಸಲ್ಲಿಸಲು ಕೊನೆಯ ದಿನಾಂಕ 30.07.2025ರ ಮಧ್ಯಾಹ್ನ 4.00 ಗಂಟೆಯವರೆಗೆ. ತಾಂತ್ರಿಕ ಬಿಡ್ ತೆರೆಯುವ ದಿನಾಂಕ: 31.07.2025ರ ಮಧ್ಯಾಹ್ನ 4.30 ಗಂಟೆಗೆ.
ಸಹಿ/- ಕಾರ್ಯಪಾಲಕ ಅಭಿಯಂತರರು, ಬಿಬಿಎಂಪಿ ಲೇಕ್ ವಿಭಾಗ.
